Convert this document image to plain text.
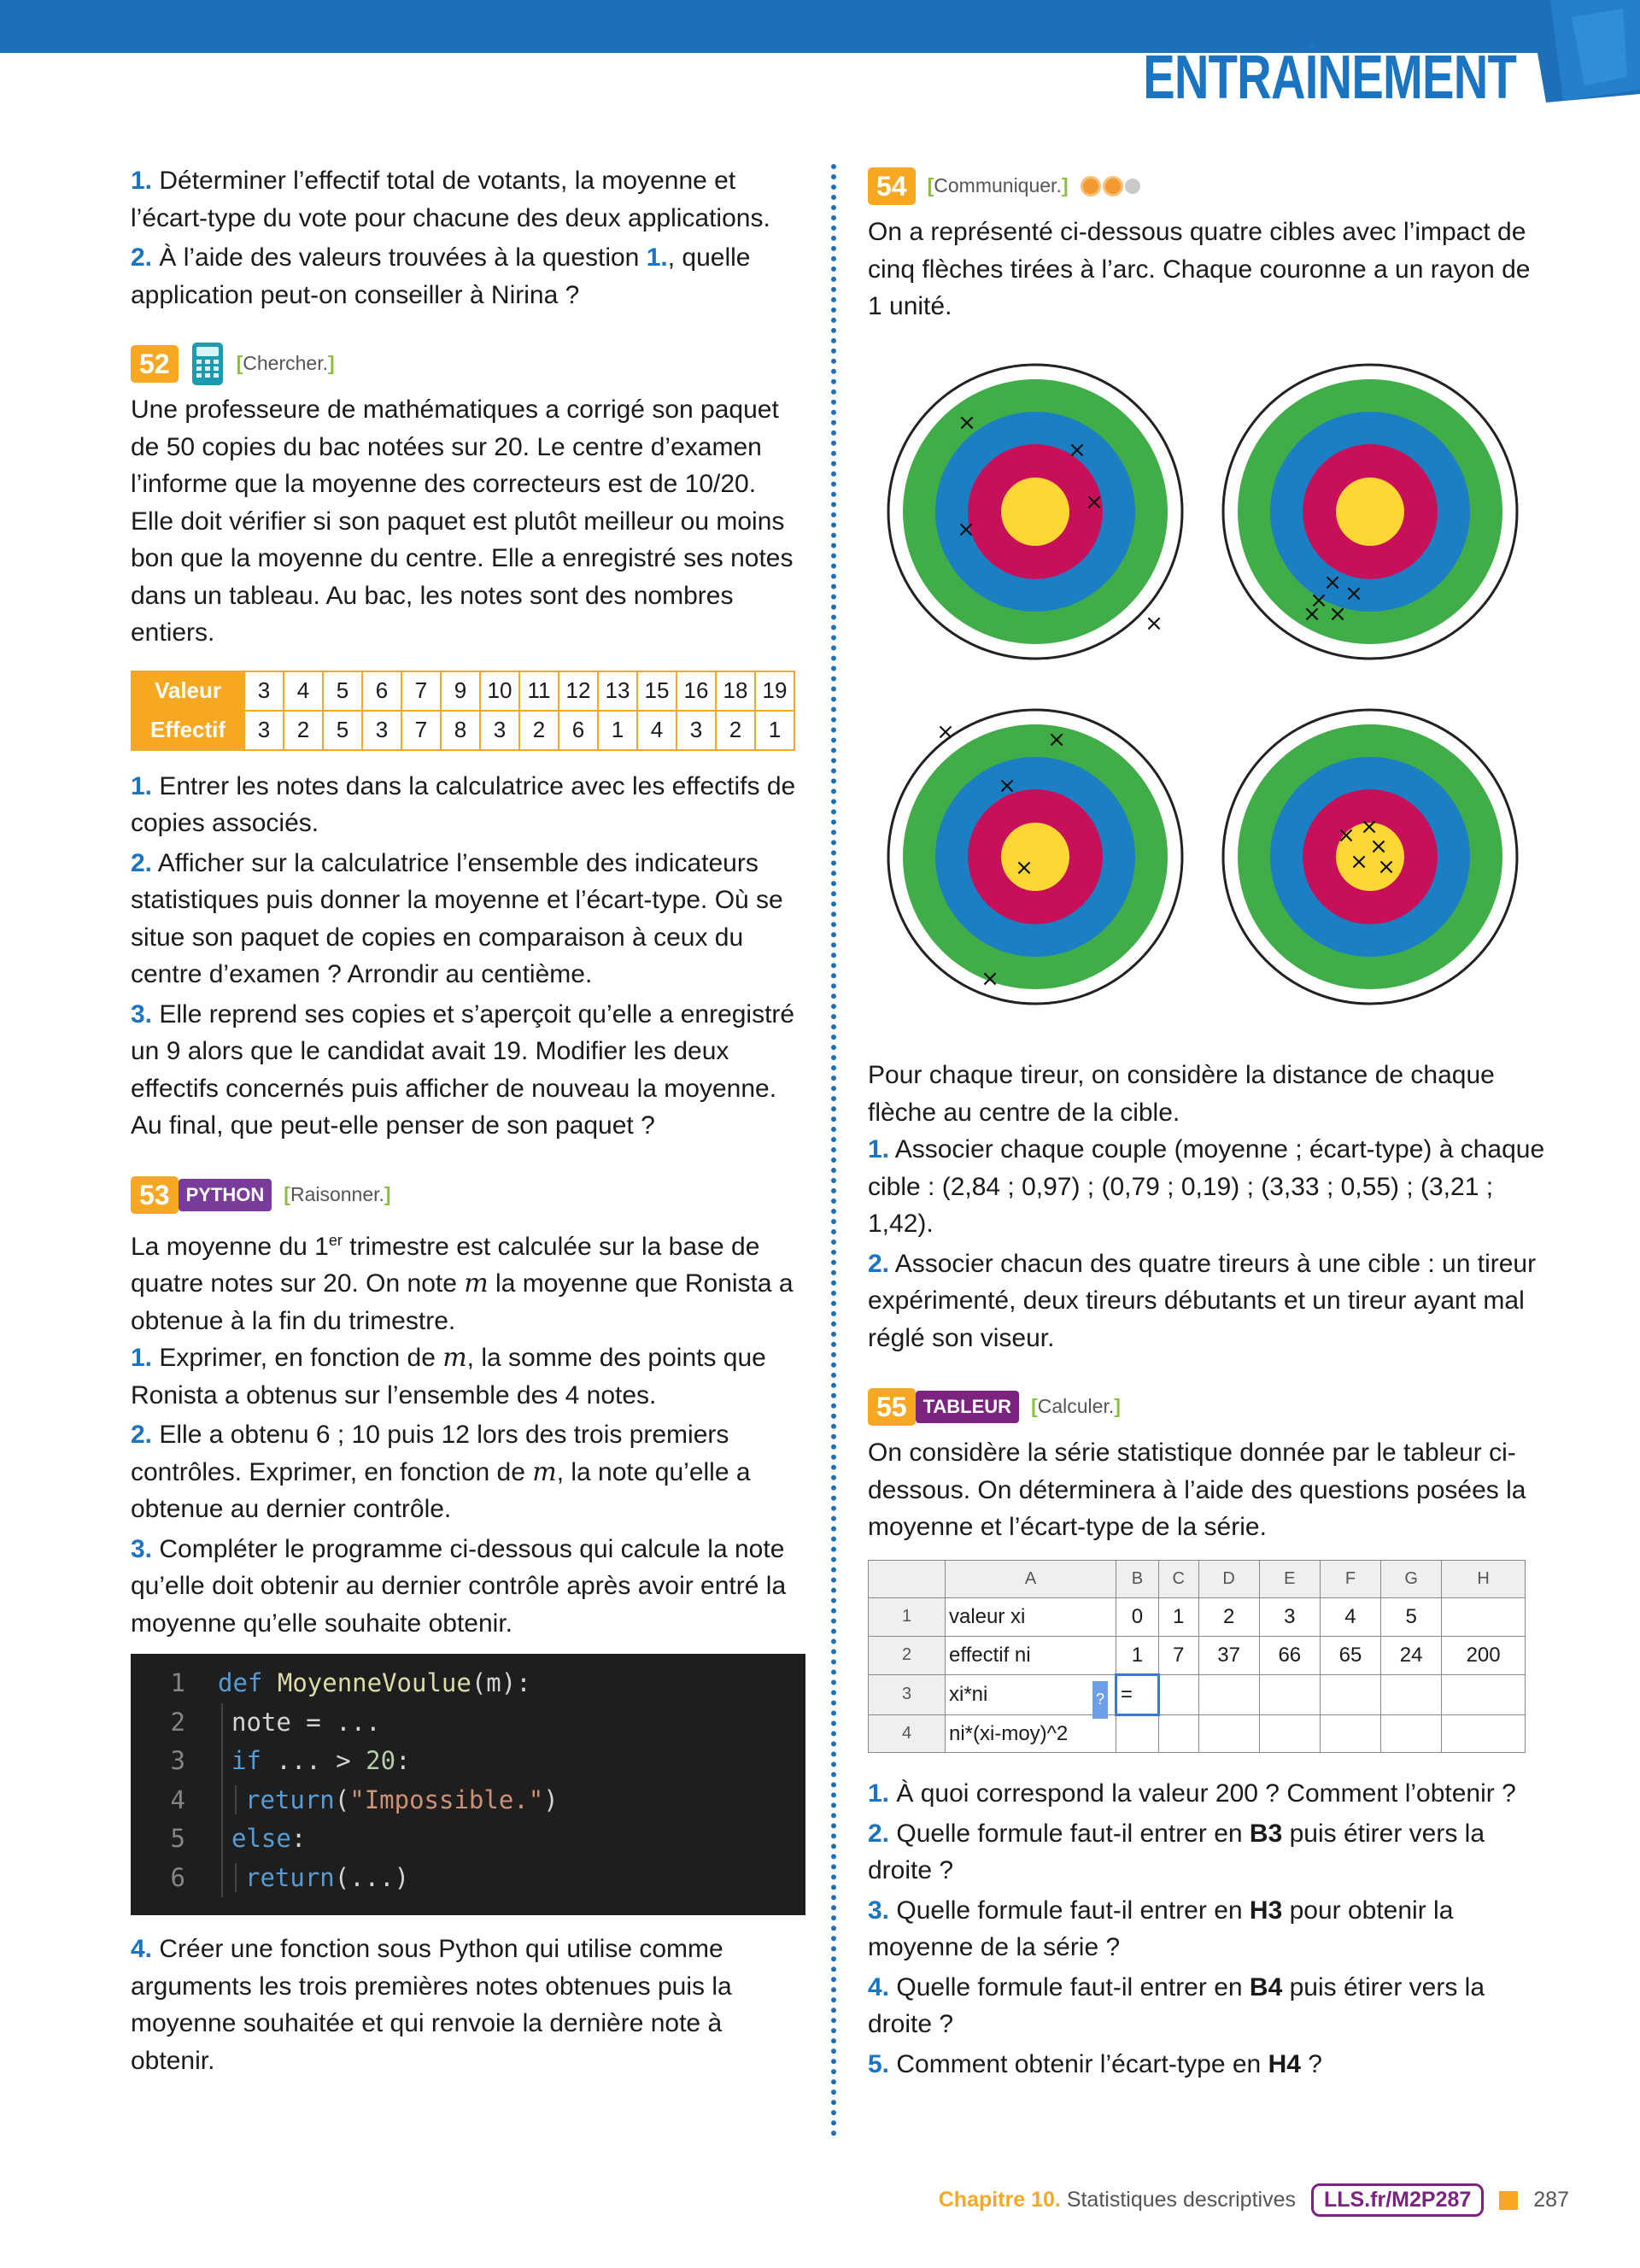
ENTRAÎNEMENT

1. Déterminer l’effectif total de votants, la moyenne et l’écart-type du vote pour chacune des deux applications.

2. À l’aide des valeurs trouvées à la question 1., quelle application peut-on conseiller à Nirina ?

52	[Chercher.]

Une professeure de mathématiques a corrigé son paquet de 50 copies du bac notées sur 20. Le centre d’examen l’informe que la moyenne des correcteurs est de 10/20. Elle doit vérifier si son paquet est plutôt meilleur ou moins bon que la moyenne du centre. Elle a enregistré ses notes dans un tableau. Au bac, les notes sont des nombres entiers.

Valeur	3	4	5	6	7	9	10	11	12	13	15	16	18	19
Effectif	3	2	5	3	7	8	3	2	6	1	4	3	2	1

1. Entrer les notes dans la calculatrice avec les effectifs de copies associés.

2. Afficher sur la calculatrice l’ensemble des indicateurs statistiques puis donner la moyenne et l’écart-type. Où se situe son paquet de copies en comparaison à ceux du centre d’examen ? Arrondir au centième.

3. Elle reprend ses copies et s’aperçoit qu’elle a enregistré un 9 alors que le candidat avait 19. Modifier les deux effectifs concernés puis afficher de nouveau la moyenne. Au final, que peut-elle penser de son paquet ?

53 PYTHON	[Raisonner.]

La moyenne du 1er trimestre est calculée sur la base de quatre notes sur 20. On note m la moyenne que Ronista a obtenue à la fin du trimestre.

1. Exprimer, en fonction de m, la somme des points que Ronista a obtenus sur l’ensemble des 4 notes.

2. Elle a obtenu 6 ; 10 puis 12 lors des trois premiers contrôles. Exprimer, en fonction de m, la note qu’elle a obtenue au dernier contrôle.

3. Compléter le programme ci-dessous qui calcule la note qu’elle doit obtenir au dernier contrôle après avoir entré la moyenne qu’elle souhaite obtenir.

1	def
MoyenneVoulue (m):
2	note = ...
3	if ... > 20:
4	return("Impossible.")
5	else:
6	return(...)

4. Créer une fonction sous Python qui utilise comme arguments les trois premières notes obtenues puis la moyenne souhaitée et qui renvoie la dernière note à obtenir.

54	[Communiquer.]

On a représenté ci-dessous quatre cibles avec l’impact de cinq flèches tirées à l’arc. Chaque couronne a un rayon de 1 unité.

×
×
×
×
×
× ×
×
×
×
×
×
×
×
×
× ×
×
× ×

Pour chaque tireur, on considère la distance de chaque flèche au centre de la cible.

1. Associer chaque couple (moyenne ; écart-type) à chaque cible : (2,84 ; 0,97) ; (0,79 ; 0,19) ; (3,33 ; 0,55) ; (3,21 ; 1,42).

2. Associer chacun des quatre tireurs à une cible : un tireur expérimenté, deux tireurs débutants et un tireur ayant mal réglé son viseur.

55 TABLEUR	[Calculer.]

On considère la série statistique donnée par le tableur ci-dessous. On déterminera à l’aide des questions posées la moyenne et l’écart-type de la série.

	A	B	C	D	E	F	G	H
1	valeur xi	0	1	2	3	4	5	
2	effectif ni	1	7	37	66	65	24	200
3	xi*ni ?	=						
4	ni*(xi-moy)^2							

1. À quoi correspond la valeur 200 ? Comment l’obtenir ?

2. Quelle formule faut-il entrer en B3 puis étirer vers la droite ?

3. Quelle formule faut-il entrer en H3 pour obtenir la moyenne de la série ?

4. Quelle formule faut-il entrer en B4 puis étirer vers la droite ?

5. Comment obtenir l’écart-type en H4 ?

Chapitre 10. Statistiques descriptives	LLS.fr/M2P287	287
